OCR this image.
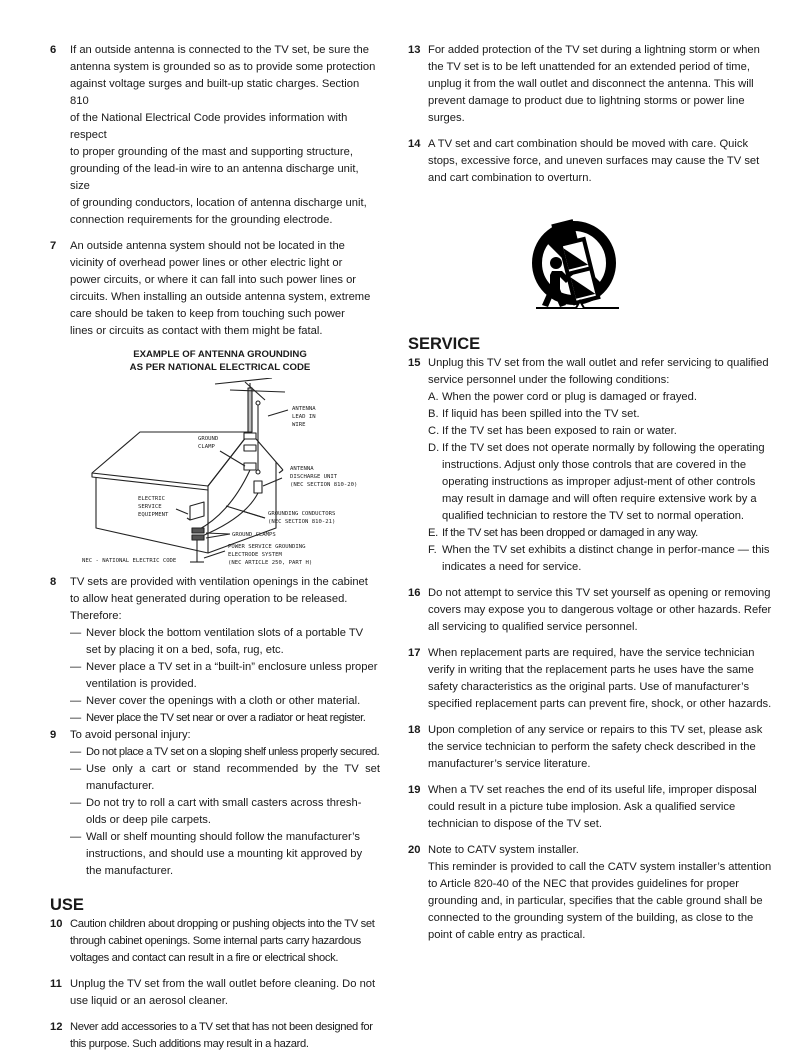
6 If an outside antenna is connected to the TV set, be sure the
antenna system is grounded so as to provide some protection
against voltage surges and built-up static charges. Section 810
of the National Electrical Code provides information with respect
to proper grounding of the mast and supporting structure,
grounding of the lead-in wire to an antenna discharge unit, size
of grounding conductors, location of antenna discharge unit,
connection requirements for the grounding electrode.
7 An outside antenna system should not be located in the
vicinity of overhead power lines or other electric light or
power circuits, or where it can fall into such power lines or
circuits. When installing an outside antenna system, extreme
care should be taken to keep from touching such power
lines or circuits as contact with them might be fatal.
EXAMPLE OF ANTENNA GROUNDING
AS PER NATIONAL ELECTRICAL CODE
ANTENNA
LEAD IN
WIRE
GROUND
CLAMP
ANTENNA
DISCHARGE UNIT
(NEC SECTION 810-20)
ELECTRIC
SERVICE
EQUIPMENT	GROUNDING CONDUCTORS
(NEC SECTION 810-21)
GROUND CLAMPS
POWER SERVICE GROUNDING
ELECTRODE SYSTEM
(NEC ARTICLE 250, PART H)
NEC - NATIONAL ELECTRIC CODE
8 TV sets are provided with ventilation openings in the cabinet
to allow heat generated during operation to be released.
Therefore:
— Never block the bottom ventilation slots of a portable TV set by placing it on a bed, sofa, rug, etc.
— Never place a TV set in a “built-in” enclosure unless proper ventilation is provided.
— Never cover the openings with a cloth or other material.
— Never place the TV set near or over a radiator or heat register.
9 To avoid personal injury:
— Do not place a TV set on a sloping shelf unless properly secured.
— Use only a cart or stand recommended by the TV set manufacturer.
— Do not try to roll a cart with small casters across thresh-olds or deep pile carpets.
— Wall or shelf mounting should follow the manufacturer’s instructions, and should use a mounting kit approved by the manufacturer.
USE
10 Caution children about dropping or pushing objects into the TV set through cabinet openings. Some internal parts carry hazardous voltages and contact can result in a fire or electrical shock.
11 Unplug the TV set from the wall outlet before cleaning. Do not use liquid or an aerosol cleaner.
12 Never add accessories to a TV set that has not been designed for this purpose. Such additions may result in a hazard.
13 For added protection of the TV set during a lightning storm or when the TV set is to be left unattended for an extended period of time, unplug it from the wall outlet and disconnect the antenna. This will prevent damage to product due to lightning storms or power line surges.
14 A TV set and cart combination should be moved with care. Quick stops, excessive force, and uneven surfaces may cause the TV set and cart combination to overturn.
SERVICE
15 Unplug this TV set from the wall outlet and refer servicing to qualified service personnel under the following conditions:
A. When the power cord or plug is damaged or frayed.
B. If liquid has been spilled into the TV set.
C. If the TV set has been exposed to rain or water.
D. If the TV set does not operate normally by following the operating instructions. Adjust only those controls that are covered in the operating instructions as improper adjust-ment of other controls may result in damage and will often require extensive work by a qualified technician to restore the TV set to normal operation.
E. If the TV set has been dropped or damaged in any way.
F. When the TV set exhibits a distinct change in perfor-mance — this indicates a need for service.
16 Do not attempt to service this TV set yourself as opening or removing covers may expose you to dangerous voltage or other hazards. Refer all servicing to qualified service personnel.
17 When replacement parts are required, have the service technician verify in writing that the replacement parts he uses have the same safety characteristics as the original parts. Use of manufacturer’s specified replacement parts can prevent fire, shock, or other hazards.
18 Upon completion of any service or repairs to this TV set, please ask the service technician to perform the safety check described in the manufacturer’s service literature.
19 When a TV set reaches the end of its useful life, improper disposal could result in a picture tube implosion. Ask a qualified service technician to dispose of the TV set.
20 Note to CATV system installer.
This reminder is provided to call the CATV system installer’s attention to Article 820-40 of the NEC that provides guidelines for proper grounding and, in particular, specifies that the cable ground shall be connected to the grounding system of the building, as close to the point of cable entry as practical.
